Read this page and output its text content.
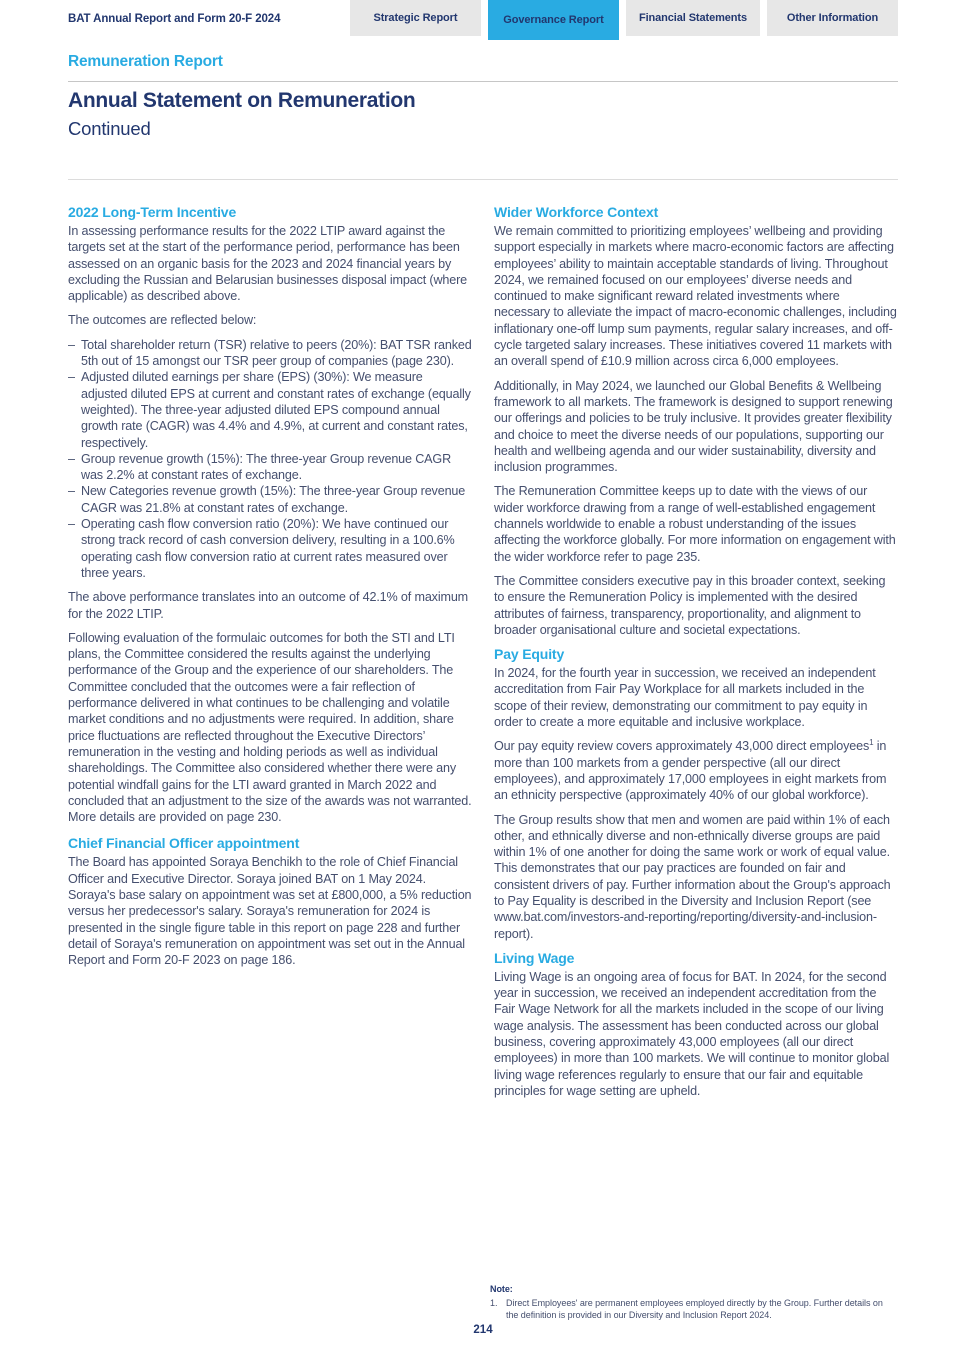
BAT Annual Report and Form 20-F 2024	Strategic Report	Governance Report	Financial Statements	Other Information
Remuneration Report
Annual Statement on Remuneration
Continued
2022 Long-Term Incentive

In assessing performance results for the 2022 LTIP award against the targets set at the start of the performance period, performance has been assessed on an organic basis for the 2023 and 2024 financial years by excluding the Russian and Belarusian businesses disposal impact (where applicable) as described above.

The outcomes are reflected below:

– Total shareholder return (TSR) relative to peers (20%): BAT TSR ranked 5th out of 15 amongst our TSR peer group of companies (page 230).
– Adjusted diluted earnings per share (EPS) (30%): We measure adjusted diluted EPS at current and constant rates of exchange (equally weighted). The three-year adjusted diluted EPS compound annual growth rate (CAGR) was 4.4% and 4.9%, at current and constant rates, respectively.
– Group revenue growth (15%): The three-year Group revenue CAGR was 2.2% at constant rates of exchange.
– New Categories revenue growth (15%): The three-year Group revenue CAGR was 21.8% at constant rates of exchange.
– Operating cash flow conversion ratio (20%): We have continued our strong track record of cash conversion delivery, resulting in a 100.6% operating cash flow conversion ratio at current rates measured over three years.

The above performance translates into an outcome of 42.1% of maximum for the 2022 LTIP.

Following evaluation of the formulaic outcomes for both the STI and LTI plans, the Committee considered the results against the underlying performance of the Group and the experience of our shareholders. The Committee concluded that the outcomes were a fair reflection of performance delivered in what continues to be challenging and volatile market conditions and no adjustments were required. In addition, share price fluctuations are reflected throughout the Executive Directors’ remuneration in the vesting and holding periods as well as individual shareholdings. The Committee also considered whether there were any potential windfall gains for the LTI award granted in March 2022 and concluded that an adjustment to the size of the awards was not warranted. More details are provided on page 230.

Chief Financial Officer appointment

The Board has appointed Soraya Benchikh to the role of Chief Financial Officer and Executive Director. Soraya joined BAT on 1 May 2024. Soraya's base salary on appointment was set at £800,000, a 5% reduction versus her predecessor's salary. Soraya's remuneration for 2024 is presented in the single figure table in this report on page 228 and further detail of Soraya's remuneration on appointment was set out in the Annual Report and Form 20-F 2023 on page 186.

Wider Workforce Context

We remain committed to prioritizing employees’ wellbeing and providing support especially in markets where macro-economic factors are affecting employees’ ability to maintain acceptable standards of living. Throughout 2024, we remained focused on our employees’ diverse needs and continued to make significant reward related investments where necessary to alleviate the impact of macro-economic challenges, including inflationary one-off lump sum payments, regular salary increases, and off-cycle targeted salary increases. These initiatives covered 11 markets with an overall spend of £10.9 million across circa 6,000 employees.

Additionally, in May 2024, we launched our Global Benefits & Wellbeing framework to all markets. The framework is designed to support renewing our offerings and policies to be truly inclusive. It provides greater flexibility and choice to meet the diverse needs of our populations, supporting our health and wellbeing agenda and our wider sustainability, diversity and inclusion programmes.

The Remuneration Committee keeps up to date with the views of our wider workforce drawing from a range of well-established engagement channels worldwide to enable a robust understanding of the issues affecting the workforce globally. For more information on engagement with the wider workforce refer to page 235.

The Committee considers executive pay in this broader context, seeking to ensure the Remuneration Policy is implemented with the desired attributes of fairness, transparency, proportionality, and alignment to broader organisational culture and societal expectations.

Pay Equity

In 2024, for the fourth year in succession, we received an independent accreditation from Fair Pay Workplace for all markets included in the scope of their review, demonstrating our commitment to pay equity in order to create a more equitable and inclusive workplace.

Our pay equity review covers approximately 43,000 direct employees$^1$ in more than 100 markets from a gender perspective (all our direct employees), and approximately 17,000 employees in eight markets from an ethnicity perspective (approximately 40% of our global workforce).

The Group results show that men and women are paid within 1% of each other, and ethnically diverse and non-ethnically diverse groups are paid within 1% of one another for doing the same work or work of equal value. This demonstrates that our pay practices are founded on fair and consistent drivers of pay. Further information about the Group's approach to Pay Equality is described in the Diversity and Inclusion Report (see www.bat.com/investors-and-reporting/reporting/diversity-and-inclusion-report).

Living Wage

Living Wage is an ongoing area of focus for BAT. In 2024, for the second year in succession, we received an independent accreditation from the Fair Wage Network for all the markets included in the scope of our living wage analysis. The assessment has been conducted across our global business, covering approximately 43,000 employees (all our direct employees) in more than 100 markets. We will continue to monitor global living wage references regularly to ensure that our fair and equitable principles for wage setting are upheld.

Note:
1. Direct Employees' are permanent employees employed directly by the Group. Further details on the definition is provided in our Diversity and Inclusion Report 2024.
214
